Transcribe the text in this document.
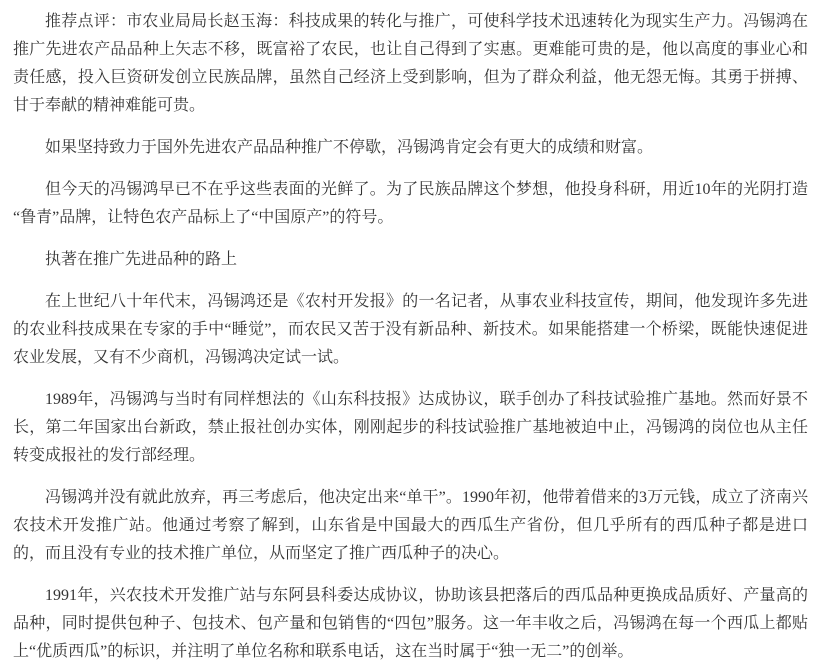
推荐点评：市农业局局长赵玉海：科技成果的转化与推广，可使科学技术迅速转化为现实生产力。冯锡鸿在推广先进农产品品种上矢志不移，既富裕了农民，也让自己得到了实惠。更难能可贵的是，他以高度的事业心和责任感，投入巨资研发创立民族品牌，虽然自己经济上受到影响，但为了群众利益，他无怨无悔。其勇于拼搏、甘于奉献的精神难能可贵。

如果坚持致力于国外先进农产品品种推广不停歇，冯锡鸿肯定会有更大的成绩和财富。

但今天的冯锡鸿早已不在乎这些表面的光鲜了。为了民族品牌这个梦想，他投身科研，用近10年的光阴打造“鲁青”品牌，让特色农产品标上了“中国原产”的符号。

执著在推广先进品种的路上

在上世纪八十年代末，冯锡鸿还是《农村开发报》的一名记者，从事农业科技宣传，期间，他发现许多先进的农业科技成果在专家的手中“睡觉”，而农民又苦于没有新品种、新技术。如果能搭建一个桥梁，既能快速促进农业发展，又有不少商机，冯锡鸿决定试一试。

1989年，冯锡鸿与当时有同样想法的《山东科技报》达成协议，联手创办了科技试验推广基地。然而好景不长，第二年国家出台新政，禁止报社创办实体，刚刚起步的科技试验推广基地被迫中止，冯锡鸿的岗位也从主任转变成报社的发行部经理。

冯锡鸿并没有就此放弃，再三考虑后，他决定出来“单干”。1990年初，他带着借来的3万元钱，成立了济南兴农技术开发推广站。他通过考察了解到，山东省是中国最大的西瓜生产省份，但几乎所有的西瓜种子都是进口的，而且没有专业的技术推广单位，从而坚定了推广西瓜种子的决心。

1991年，兴农技术开发推广站与东阿县科委达成协议，协助该县把落后的西瓜品种更换成品质好、产量高的品种，同时提供包种子、包技术、包产量和包销售的“四包”服务。这一年丰收之后，冯锡鸿在每一个西瓜上都贴上“优质西瓜”的标识，并注明了单位名称和联系电话，这在当时属于“独一无二”的创举。
